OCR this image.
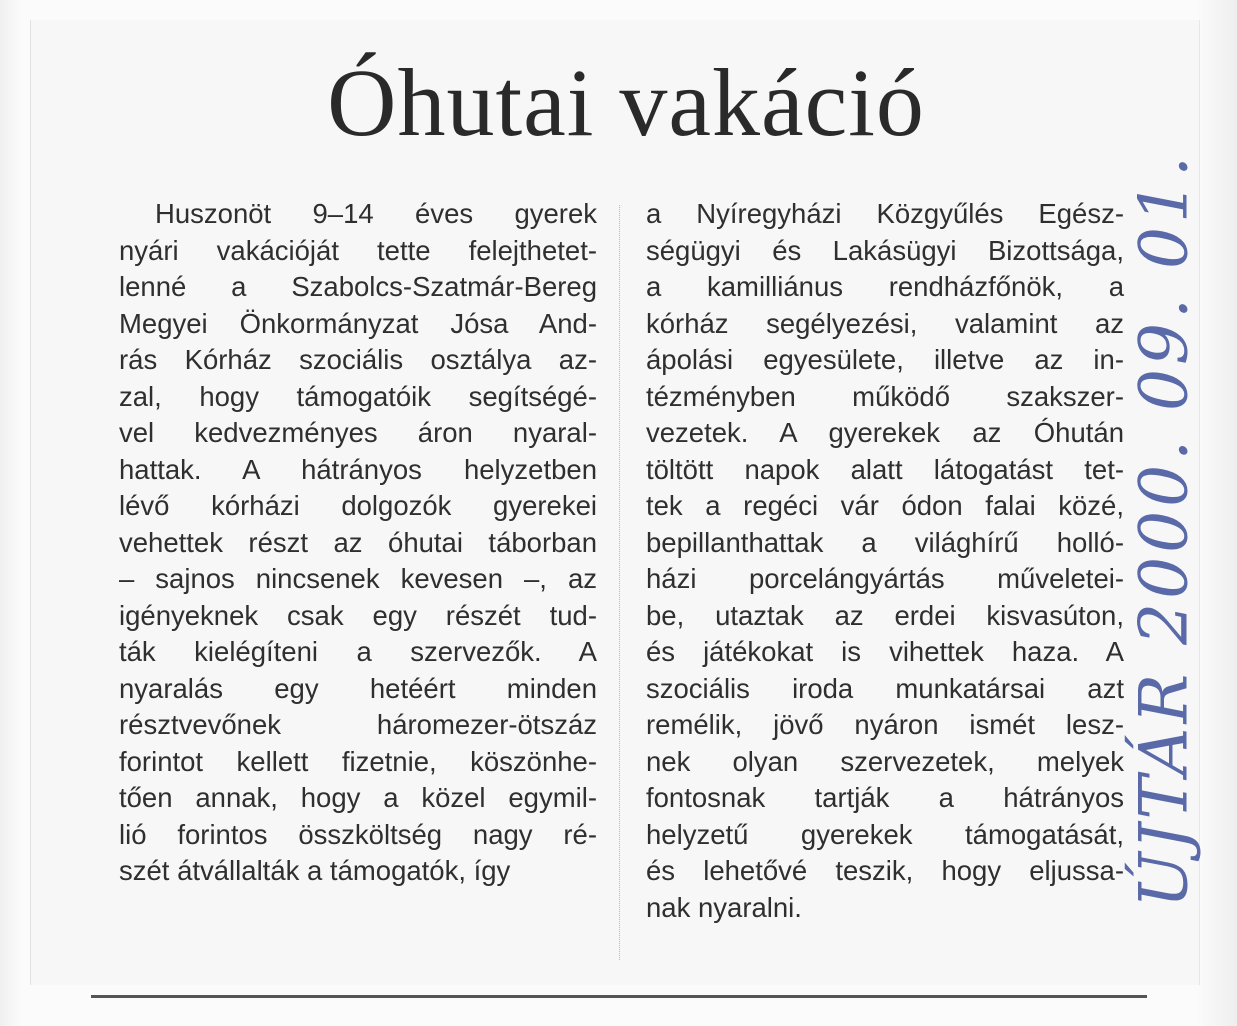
Óhutai vakáció
Huszonöt 9–14 éves gyerek
nyári vakációját tette felejthetet-
lenné a Szabolcs-Szatmár-Bereg
Megyei Önkormányzat Jósa And-
rás Kórház szociális osztálya az-
zal, hogy támogatóik segítségé-
vel kedvezményes áron nyaral-
hattak. A hátrányos helyzetben
lévő kórházi dolgozók gyerekei
vehettek részt az óhutai táborban
– sajnos nincsenek kevesen –, az
igényeknek csak egy részét tud-
ták kielégíteni a szervezők. A
nyaralás egy hetéért minden
résztvevőnek háromezer-ötszáz
forintot kellett fizetnie, köszönhe-
tően annak, hogy a közel egymil-
lió forintos összköltség nagy ré-
szét átvállalták a támogatók, így
a Nyíregyházi Közgyűlés Egész-
ségügyi és Lakásügyi Bizottsága,
a kamilliánus rendházfőnök, a
kórház segélyezési, valamint az
ápolási egyesülete, illetve az in-
tézményben működő szakszer-
vezetek. A gyerekek az Óhután
töltött napok alatt látogatást tet-
tek a regéci vár ódon falai közé,
bepillanthattak a világhírű holló-
házi porcelángyártás műveletei-
be, utaztak az erdei kisvasúton,
és játékokat is vihettek haza. A
szociális iroda munkatársai azt
remélik, jövő nyáron ismét lesz-
nek olyan szervezetek, melyek
fontosnak tartják a hátrányos
helyzetű gyerekek támogatását,
és lehetővé teszik, hogy eljussa-
nak nyaralni.	ÚJTÁR 2000. 09. 01.
